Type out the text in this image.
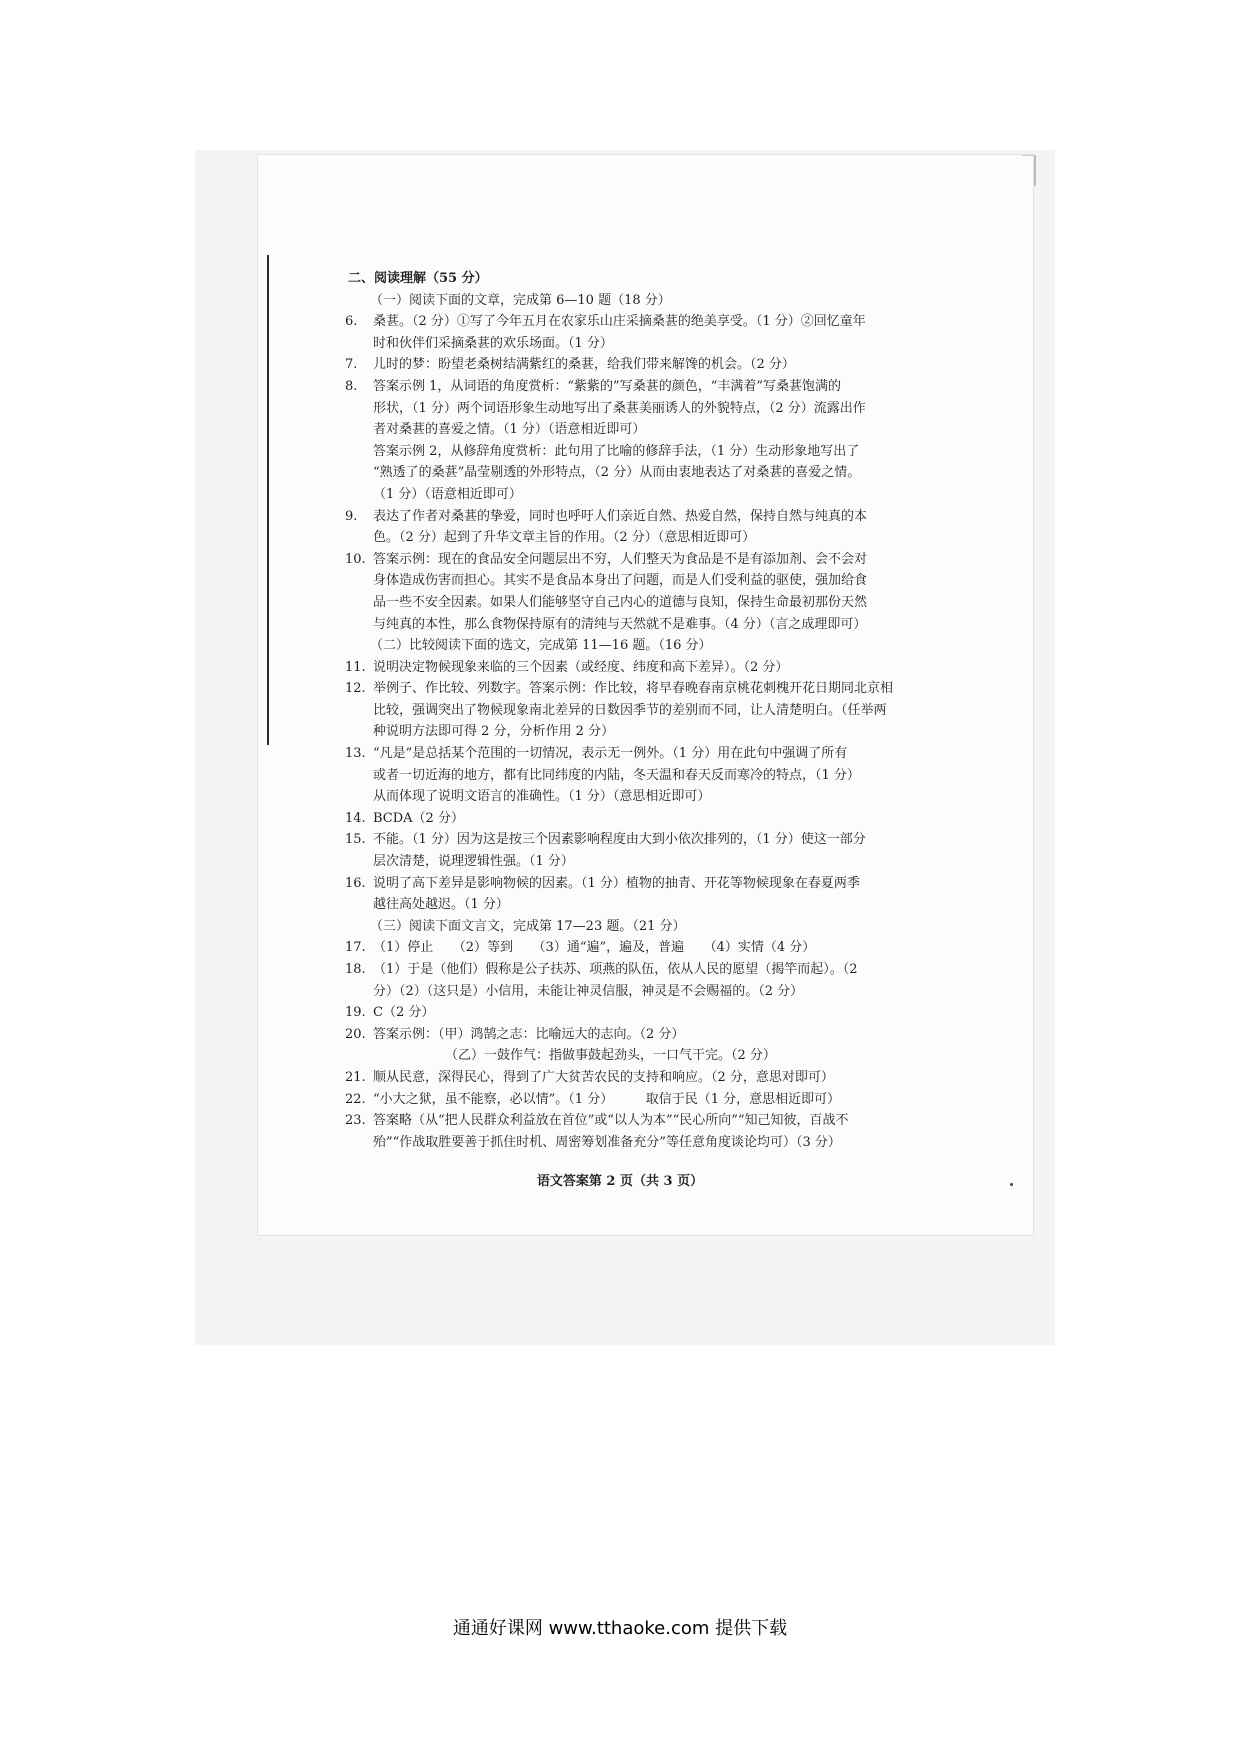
二、阅读理解（55 分）
（一）阅读下面的文章，完成第 6—10 题（18 分）
6.	桑葚。（2 分）①写了今年五月在农家乐山庄采摘桑葚的绝美享受。（1 分）②回忆童年
时和伙伴们采摘桑葚的欢乐场面。（1 分）
7.	儿时的梦：盼望老桑树结满紫红的桑葚，给我们带来解馋的机会。（2 分）
8.	答案示例 1，从词语的角度赏析：“紫紫的”写桑葚的颜色，“丰满着”写桑葚饱满的
形状，（1 分）两个词语形象生动地写出了桑葚美丽诱人的外貌特点，（2 分）流露出作
者对桑葚的喜爱之情。（1 分）（语意相近即可）
答案示例 2，从修辞角度赏析：此句用了比喻的修辞手法，（1 分）生动形象地写出了
“熟透了的桑葚”晶莹剔透的外形特点，（2 分）从而由衷地表达了对桑葚的喜爱之情。
（1 分）（语意相近即可）
9.	表达了作者对桑葚的挚爱，同时也呼吁人们亲近自然、热爱自然，保持自然与纯真的本
色。（2 分）起到了升华文章主旨的作用。（2 分）（意思相近即可）
10. 答案示例：现在的食品安全问题层出不穷，人们整天为食品是不是有添加剂、会不会对
身体造成伤害而担心。其实不是食品本身出了问题，而是人们受利益的驱使，强加给食
品一些不安全因素。如果人们能够坚守自己内心的道德与良知，保持生命最初那份天然
与纯真的本性，那么食物保持原有的清纯与天然就不是难事。（4 分）（言之成理即可）
（二）比较阅读下面的选文，完成第 11—16 题。（16 分）
11. 说明决定物候现象来临的三个因素（或经度、纬度和高下差异）。（2 分）
12. 举例子、作比较、列数字。答案示例：作比较，将早春晚春南京桃花刺槐开花日期同北京相
比较，强调突出了物候现象南北差异的日数因季节的差别而不同，让人清楚明白。（任举两
种说明方法即可得 2 分，分析作用 2 分）
13. “凡是”是总括某个范围的一切情况，表示无一例外。（1 分）用在此句中强调了所有
或者一切近海的地方，都有比同纬度的内陆，冬天温和春天反而寒冷的特点，（1 分）
从而体现了说明文语言的准确性。（1 分）（意思相近即可）
14. BCDA（2 分）
15. 不能。（1 分）因为这是按三个因素影响程度由大到小依次排列的，（1 分）使这一部分
层次清楚，说理逻辑性强。（1 分）
16. 说明了高下差异是影响物候的因素。（1 分）植物的抽青、开花等物候现象在春夏两季
越往高处越迟。（1 分）
（三）阅读下面文言文，完成第 17—23 题。（21 分）
17. （1）停止　　（2）等到　　（3）通“遍”，遍及，普遍　　（4）实情（4 分）
18. （1）于是（他们）假称是公子扶苏、项燕的队伍，依从人民的愿望（揭竿而起）。（2
分）（2）（这只是）小信用，未能让神灵信服，神灵是不会赐福的。（2 分）
19. C（2 分）
20. 答案示例：（甲）鸿鹄之志：比喻远大的志向。（2 分）
（乙）一鼓作气：指做事鼓起劲头，一口气干完。（2 分）
21. 顺从民意，深得民心，得到了广大贫苦农民的支持和响应。（2 分，意思对即可）
22. “小大之狱，虽不能察，必以情”。（1 分）　　　取信于民（1 分，意思相近即可）
23. 答案略（从“把人民群众利益放在首位”或“以人为本”“民心所向”“知己知彼，百战不
殆”“作战取胜要善于抓住时机、周密筹划准备充分”等任意角度谈论均可）（3 分）
语文答案第 2 页（共 3 页）
通通好课网 www.tthaoke.com 提供下载
